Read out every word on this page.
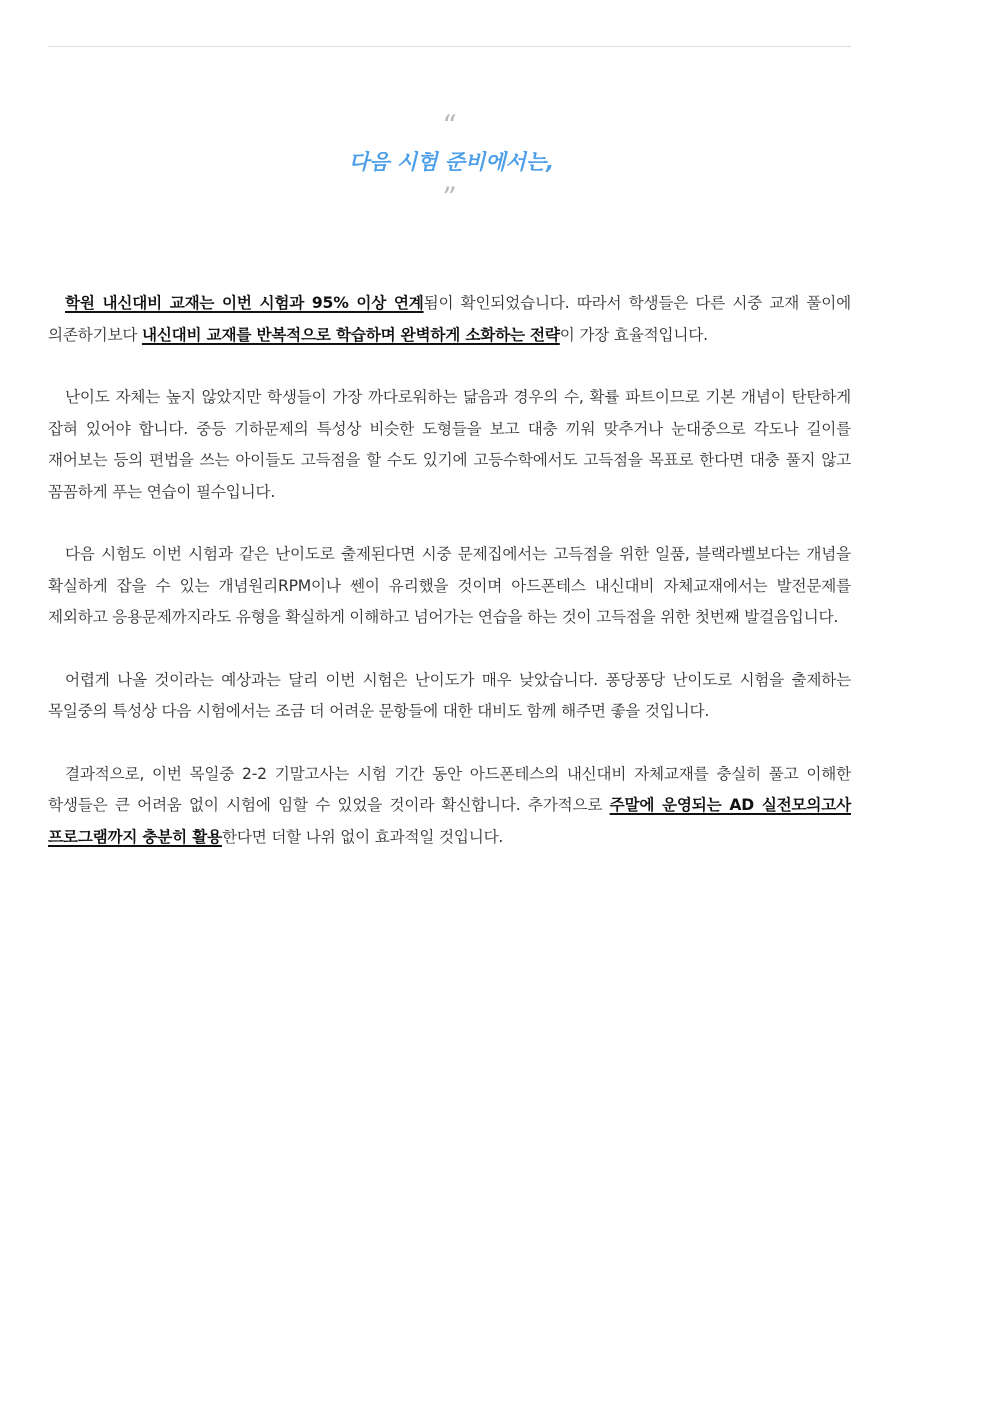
“
다음 시험 준비에서는,
”

학원 내신대비 교재는 이번 시험과 95% 이상 연계됨이 확인되었습니다. 따라서 학생들은 다른 시중 교재 풀이에 의존하기보다 내신대비 교재를 반복적으로 학습하며 완벽하게 소화하는 전략이 가장 효율적입니다.

난이도 자체는 높지 않았지만 학생들이 가장 까다로워하는 닮음과 경우의 수, 확률 파트이므로 기본 개념이 탄탄하게 잡혀 있어야 합니다. 중등 기하문제의 특성상 비슷한 도형들을 보고 대충 끼워 맞추거나 눈대중으로 각도나 길이를 재어보는 등의 편법을 쓰는 아이들도 고득점을 할 수도 있기에 고등수학에서도 고득점을 목표로 한다면 대충 풀지 않고 꼼꼼하게 푸는 연습이 필수입니다.

다음 시험도 이번 시험과 같은 난이도로 출제된다면 시중 문제집에서는 고득점을 위한 일품, 블랙라벨보다는 개념을 확실하게 잡을 수 있는 개념원리RPM이나 쎈이 유리했을 것이며 아드폰테스 내신대비 자체교재에서는 발전문제를 제외하고 응용문제까지라도 유형을 확실하게 이해하고 넘어가는 연습을 하는 것이 고득점을 위한 첫번째 발걸음입니다.

어렵게 나올 것이라는 예상과는 달리 이번 시험은 난이도가 매우 낮았습니다. 퐁당퐁당 난이도로 시험을 출제하는 목일중의 특성상 다음 시험에서는 조금 더 어려운 문항들에 대한 대비도 함께 해주면 좋을 것입니다.

결과적으로, 이번 목일중 2-2 기말고사는 시험 기간 동안 아드폰테스의 내신대비 자체교재를 충실히 풀고 이해한 학생들은 큰 어려움 없이 시험에 임할 수 있었을 것이라 확신합니다. 추가적으로 주말에 운영되는 AD 실전모의고사 프로그램까지 충분히 활용한다면 더할 나위 없이 효과적일 것입니다.
